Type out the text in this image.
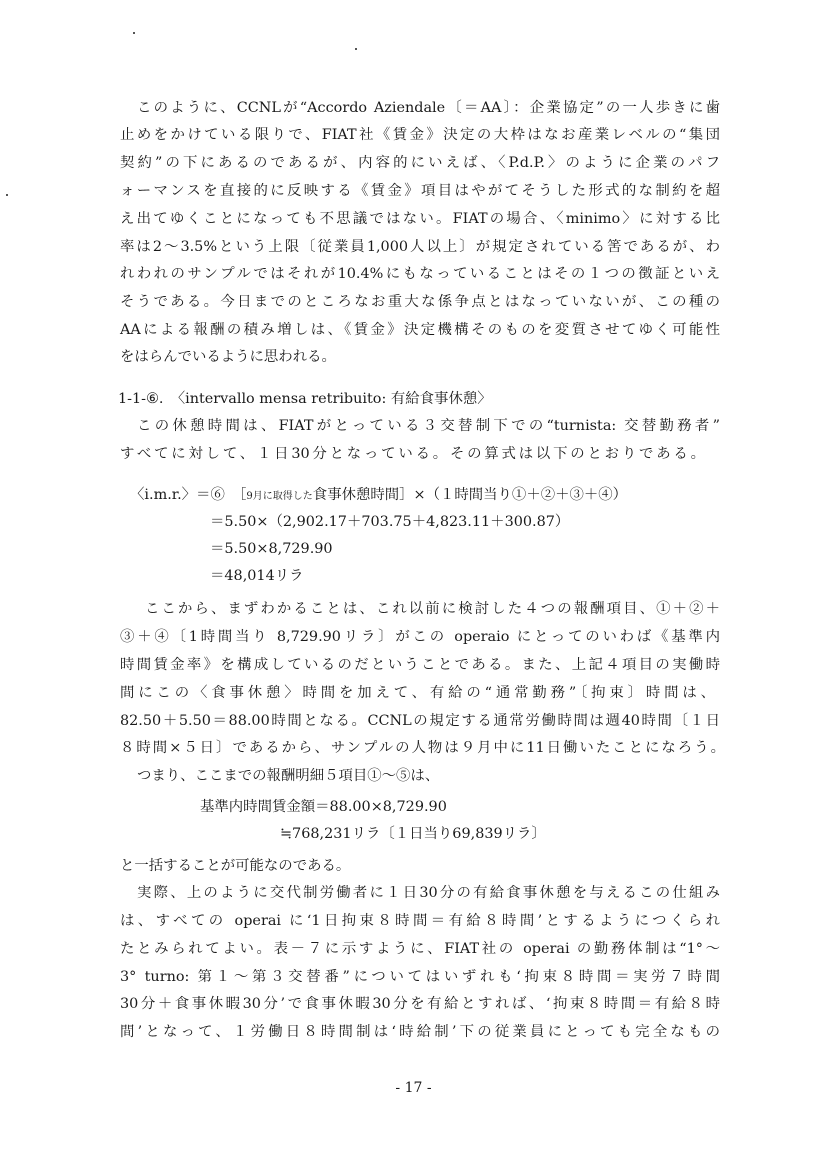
このように、CCNLが“Accordo Aziendale〔＝AA〕：企業協定”の一人歩きに歯
止めをかけている限りで、FIAT社《賃金》決定の大枠はなお産業レベルの“集団
契約”の下にあるのであるが、内容的にいえば、〈P.d.P.〉のように企業のパフ
ォーマンスを直接的に反映する《賃金》項目はやがてそうした形式的な制約を超
え出てゆくことになっても不思議ではない。FIATの場合、〈minimo〉に対する比
率は2～3.5%という上限〔従業員1,000人以上〕が規定されている筈であるが、わ
れわれのサンプルではそれが10.4%にもなっていることはその１つの徴証といえ
そうである。今日までのところなお重大な係争点とはなっていないが、この種の
AAによる報酬の積み増しは、《賃金》決定機構そのものを変質させてゆく可能性
をはらんでいるように思われる。
1-1-⑥.　〈intervallo mensa retribuito: 有給食事休憩〉
この休憩時間は、FIATがとっている３交替制下での“turnista: 交替勤務者”
すべてに対して、１日30分となっている。その算式は以下のとおりである。
〈i.m.r.〉＝⑥　［9月に取得した食事休憩時間］×（１時間当り①＋②＋③＋④）
＝5.50×（2,902.17＋703.75＋4,823.11＋300.87）
＝5.50×8,729.90
＝48,014リラ
ここから、まずわかることは、これ以前に検討した４つの報酬項目、①＋②＋
③＋④〔1時間当り 8,729.90リラ〕がこの operaio にとってのいわば《基準内
時間賃金率》を構成しているのだということである。また、上記４項目の実働時
間にこの〈食事休憩〉時間を加えて、有給の“通常勤務”〔拘束〕時間は、
82.50＋5.50＝88.00時間となる。CCNLの規定する通常労働時間は週40時間〔１日
８時間×５日〕であるから、サンプルの人物は９月中に11日働いたことになろう。
つまり、ここまでの報酬明細５項目①～⑤は、
基準内時間賃金額＝88.00×8,729.90
≒768,231リラ〔１日当り69,839リラ〕
と一括することが可能なのである。
実際、上のように交代制労働者に１日30分の有給食事休憩を与えるこの仕組み
は、すべての operai に‘1日拘束８時間＝有給８時間’とするようにつくられ
たとみられてよい。表－７に示すように、FIAT社の operai の勤務体制は“1°～
3° turno: 第１～第３交替番”についてはいずれも‘拘束８時間＝実労７時間
30分＋食事休暇30分’で食事休暇30分を有給とすれば、‘拘束８時間＝有給８時
間’となって、１労働日８時間制は‘時給制’下の従業員にとっても完全なもの
- 17 -
